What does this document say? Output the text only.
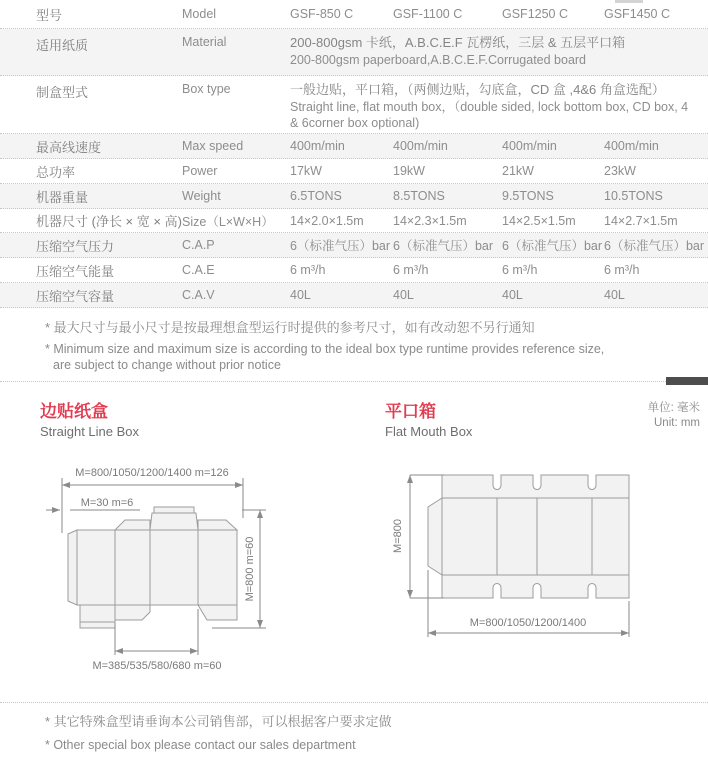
型号	Model	GSF-850 C	GSF-1100 C	GSF1250 C	GSF1450 C
适用纸质	Material	200-800gsm 卡纸，A.B.C.E.F 瓦楞纸，三层 & 五层平口箱
200-800gsm paperboard,A.B.C.E.F.Corrugated board
制盒型式	Box type	一般边贴，平口箱，（两侧边贴，勾底盒，CD 盒 ,4&6 角盒选配）
Straight line, flat mouth box，（double sided, lock bottom box, CD box, 4 & 6corner box optional)
最高线速度	Max speed	400m/min	400m/min	400m/min	400m/min
总功率	Power	17kW	19kW	21kW	23kW
机器重量	Weight	6.5TONS	8.5TONS	9.5TONS	10.5TONS
机器尺寸 (净长 × 宽 × 高) Size（L×W×H）	14×2.0×1.5m	14×2.3×1.5m	14×2.5×1.5m	14×2.7×1.5m
压缩空气压力	C.A.P	6（标准气压）bar 6（标准气压）bar 6（标准气压）bar 6（标准气压）bar
压缩空气能量	C.A.E	6 m³/h	6 m³/h	6 m³/h	6 m³/h
压缩空气容量	C.A.V	40L	40L	40L	40L
* 最大尺寸与最小尺寸是按最理想盒型运行时提供的参考尺寸，如有改动恕不另行通知
* Minimum size and maximum size is according to the ideal box type runtime provides reference size,
are subject to change without prior notice
边贴纸盒
Straight Line Box
平口箱
Flat Mouth Box
单位: 毫米
Unit: mm
M=800/1050/1200/1400 m=126
M=30 m=6
M=800 m=60
M=385/535/580/680 m=60
M=800
M=800/1050/1200/1400
* 其它特殊盒型请垂询本公司销售部，可以根据客户要求定做
* Other special box please contact our sales department
